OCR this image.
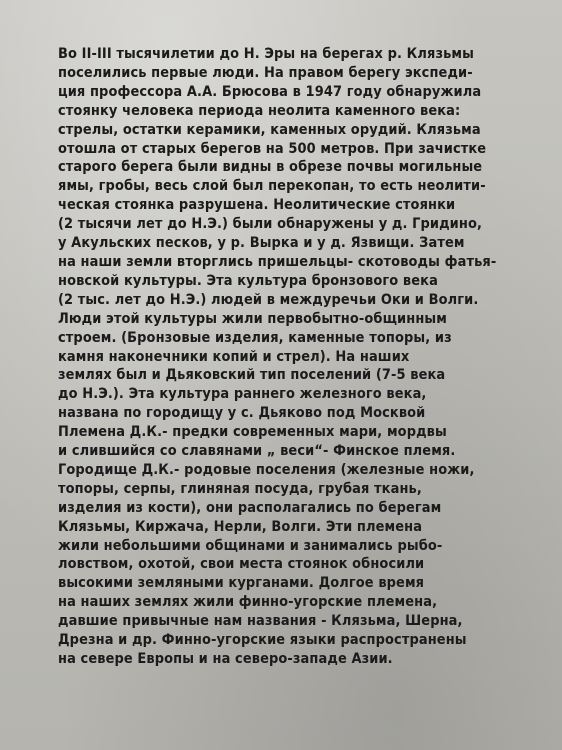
Во II-III тысячилетии до Н. Эры на берегах р. Клязьмы
поселились первые люди. На правом берегу экспеди-
ция профессора А.А. Брюсова в 1947 году обнаружила
стоянку человека периода неолита каменного века:
стрелы, остатки керамики, каменных орудий. Клязьма
отошла от старых берегов на 500 метров. При зачистке
старого берега были видны в обрезе почвы могильные
ямы, гробы, весь слой был перекопан, то есть неолити-
ческая стоянка разрушена. Неолитические стоянки
(2 тысячи лет до Н.Э.) были обнаружены у д. Гридино,
у Акульских песков, у р. Вырка и у д. Язвищи. Затем
на наши земли вторглись пришельцы- скотоводы фатья-
новской культуры. Эта культура бронзового века
(2 тыс. лет до Н.Э.) людей в междуречьи Оки и Волги.
Люди этой культуры жили первобытно-общинным
строем. (Бронзовые изделия, каменные топоры, из
камня наконечники копий и стрел). На наших
землях был и Дьяковский тип поселений (7-5 века
до Н.Э.). Эта культура раннего железного века,
названа по городищу у с. Дьяково под Москвой
Племена Д.К.- предки современных мари, мордвы
и слившийся со славянами „ веси“- Финское племя.
Городище Д.К.- родовые поселения (железные ножи,
топоры, серпы, глиняная посуда, грубая ткань,
изделия из кости), они располагались по берегам
Клязьмы, Киржача, Нерли, Волги. Эти племена
жили небольшими общинами и занимались рыбо-
ловством, охотой, свои места стоянок обносили
высокими земляными курганами. Долгое время
на наших землях жили финно-угорские племена,
давшие привычные нам названия - Клязьма, Шерна,
Дрезна и др. Финно-угорские языки распространены
на севере Европы и на северо-западе Азии.
